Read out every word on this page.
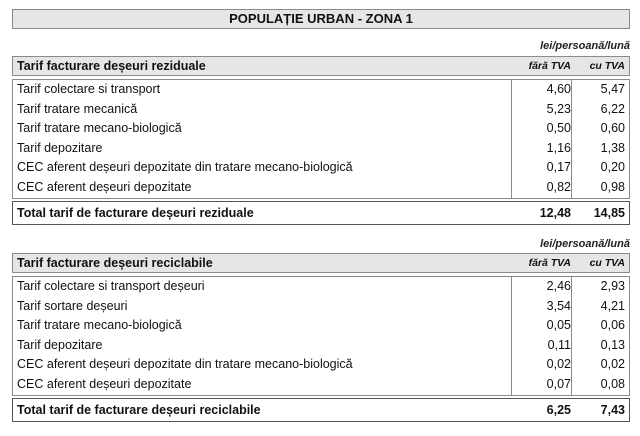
POPULAȚIE URBAN - ZONA 1
lei/persoană/lună
Tarif facturare deșeuri reziduale	fără TVA	cu TVA
Tarif colectare si transport	4,60	5,47
Tarif tratare mecanică	5,23	6,22
Tarif tratare mecano-biologică	0,50	0,60
Tarif depozitare	1,16	1,38
CEC aferent deșeuri depozitate din tratare mecano-biologică	0,17	0,20
CEC aferent deșeuri depozitate	0,82	0,98
Total tarif de facturare deșeuri reziduale	12,48	14,85
lei/persoană/lună
Tarif facturare deșeuri reciclabile	fără TVA	cu TVA
Tarif colectare si transport deșeuri	2,46	2,93
Tarif sortare deșeuri	3,54	4,21
Tarif tratare mecano-biologică	0,05	0,06
Tarif depozitare	0,11	0,13
CEC aferent deșeuri depozitate din tratare mecano-biologică	0,02	0,02
CEC aferent deșeuri depozitate	0,07	0,08
Total tarif de facturare deșeuri reciclabile	6,25	7,43
